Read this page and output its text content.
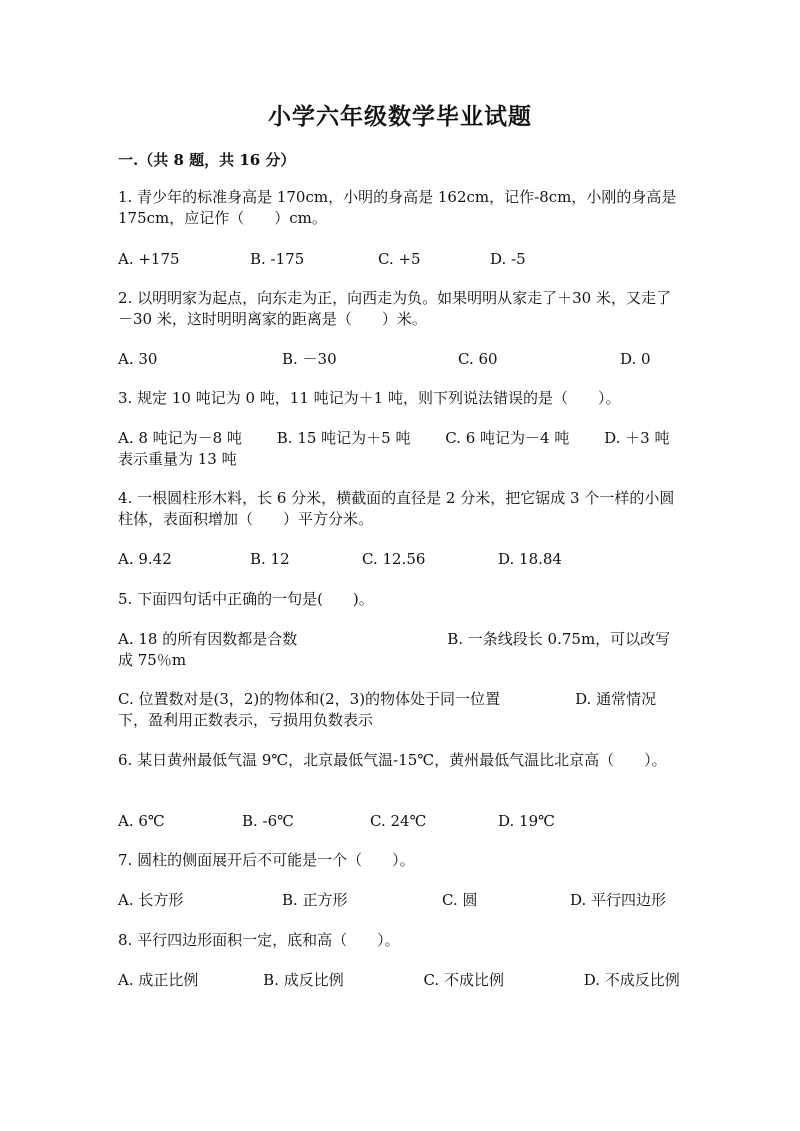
小学六年级数学毕业试题
一.（共 8 题，共 16 分）
1. 青少年的标准身高是 170cm，小明的身高是 162cm，记作-8cm，小刚的身高是 175cm，应记作（　　）cm。
A. +175	B. -175	C. +5	D. -5
2. 以明明家为起点，向东走为正，向西走为负。如果明明从家走了＋30 米，又走了－30 米，这时明明离家的距离是（　　）米。
A. 30	B. －30	C. 60	D. 0
3. 规定 10 吨记为 0 吨，11 吨记为＋1 吨，则下列说法错误的是（　　）。
A. 8 吨记为－8 吨　　 B. 15 吨记为＋5 吨　　 C. 6 吨记为－4 吨　　 D. ＋3 吨表示重量为 13 吨
4. 一根圆柱形木料，长 6 分米，横截面的直径是 2 分米，把它锯成 3 个一样的小圆柱体，表面积增加（　　）平方分米。
A. 9.42	B. 12	C. 12.56	D. 18.84
5. 下面四句话中正确的一句是(　　)。
A. 18 的所有因数都是合数　　　　　　　　　　B. 一条线段长 0.75m，可以改写成 75％m
C. 位置数对是(3，2)的物体和(2，3)的物体处于同一位置　　　　　D. 通常情况下，盈利用正数表示，亏损用负数表示
6. 某日黄州最低气温 9℃，北京最低气温-15℃，黄州最低气温比北京高（　　）。
A. 6℃	B. -6℃	C. 24℃	D. 19℃
7. 圆柱的侧面展开后不可能是一个（　　）。
A. 长方形	B. 正方形	C. 圆	D. 平行四边形
8. 平行四边形面积一定，底和高（　　）。
A. 成正比例　　　　 B. 成反比例　　　　　 C. 不成比例　　　　　 D. 不成反比例
